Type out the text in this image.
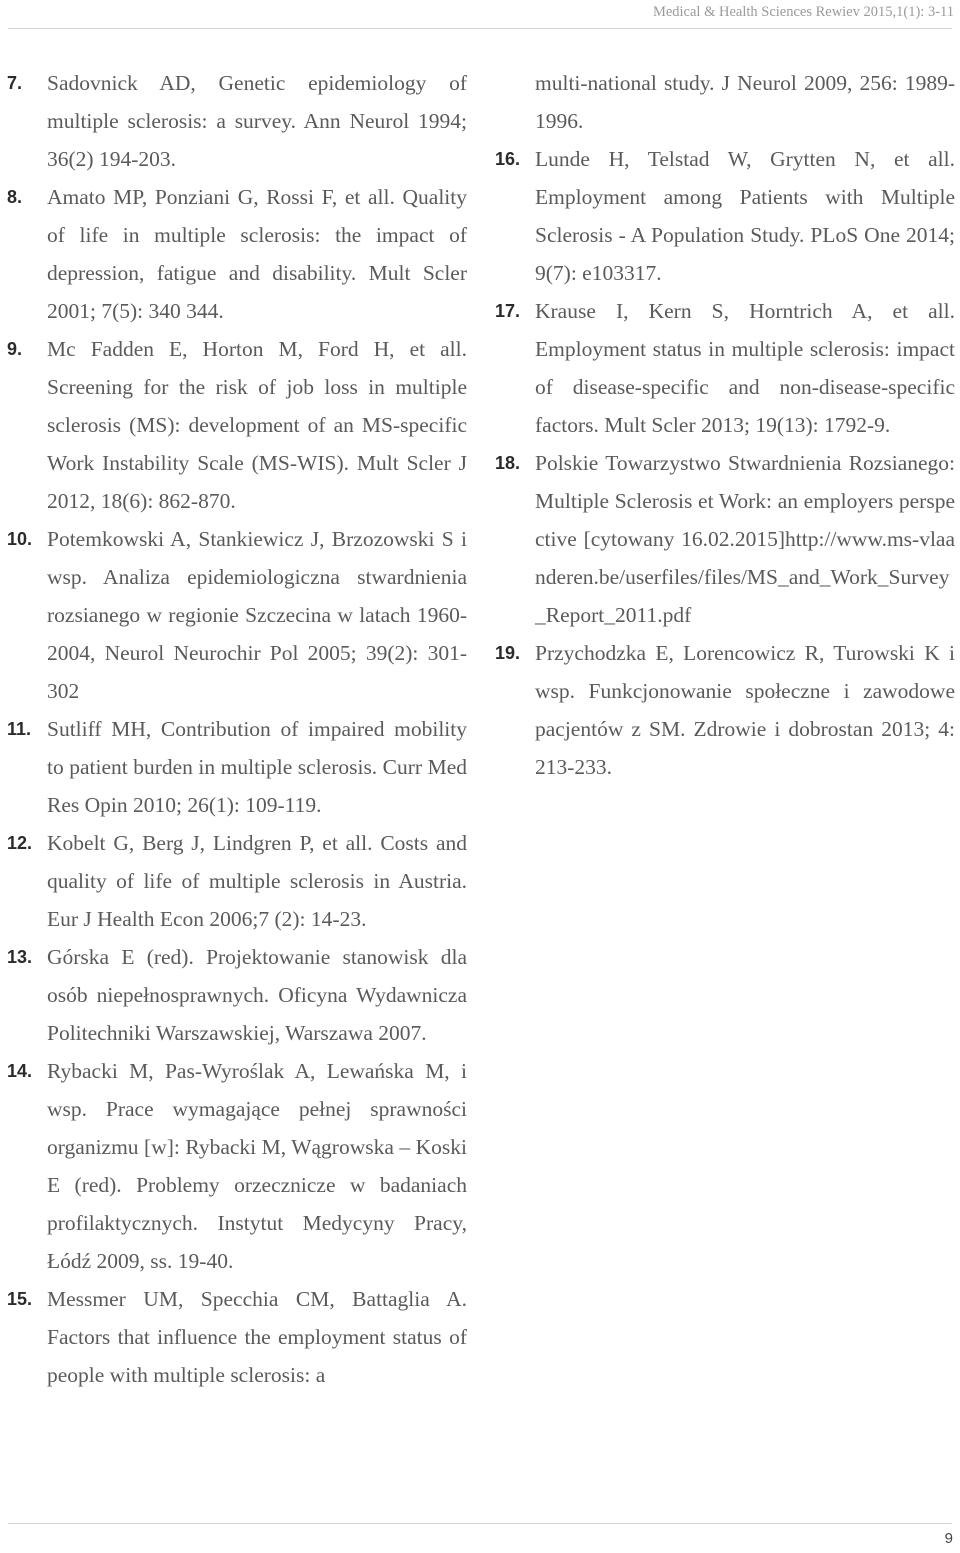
Medical & Health Sciences Rewiev 2015,1(1): 3-11
7. Sadovnick AD, Genetic epidemiology of multiple sclerosis: a survey. Ann Neurol 1994; 36(2) 194-203.
8. Amato MP, Ponziani G, Rossi F, et all. Quality of life in multiple sclerosis: the impact of depression, fatigue and disability. Mult Scler 2001; 7(5): 340 344.
9. Mc Fadden E, Horton M, Ford H, et all. Screening for the risk of job loss in multiple sclerosis (MS): development of an MS-specific Work Instability Scale (MS-WIS). Mult Scler J 2012, 18(6): 862-870.
10. Potemkowski A, Stankiewicz J, Brzozowski S i wsp. Analiza epidemiologiczna stwardnienia rozsianego w regionie Szczecina w latach 1960-2004, Neurol Neurochir Pol 2005; 39(2): 301-302
11. Sutliff MH, Contribution of impaired mobility to patient burden in multiple sclerosis. Curr Med Res Opin 2010; 26(1): 109-119.
12. Kobelt G, Berg J, Lindgren P, et all. Costs and quality of life of multiple sclerosis in Austria. Eur J Health Econ 2006;7 (2): 14-23.
13. Górska E (red). Projektowanie stanowisk dla osób niepełnosprawnych. Oficyna Wydawnicza Politechniki Warszawskiej, Warszawa 2007.
14. Rybacki M, Pas-Wyroślak A, Lewańska M, i wsp. Prace wymagające pełnej sprawności organizmu [w]: Rybacki M, Wągrowska – Koski E (red). Problemy orzecznicze w badaniach profilaktycznych. Instytut Medycyny Pracy, Łódź 2009, ss. 19-40.
15. Messmer UM, Specchia CM, Battaglia A. Factors that influence the employment status of people with multiple sclerosis: a
multi-national study. J Neurol 2009, 256: 1989-1996.
16. Lunde H, Telstad W, Grytten N, et all. Employment among Patients with Multiple Sclerosis - A Population Study. PLoS One 2014; 9(7): e103317.
17. Krause I, Kern S, Horntrich A, et all. Employment status in multiple sclerosis: impact of disease-specific and non-disease-specific factors. Mult Scler 2013; 19(13): 1792-9.
18. Polskie Towarzystwo Stwardnienia Rozsianego: Multiple Sclerosis et Work: an employers perspective [cytowany 16.02.2015]http://www.ms-vlaanderen.be/userfiles/files/MS_and_Work_Survey_Report_2011.pdf
19. Przychodzka E, Lorencowicz R, Turowski K i wsp. Funkcjonowanie społeczne i zawodowe pacjentów z SM. Zdrowie i dobrostan 2013; 4: 213-233.
9
